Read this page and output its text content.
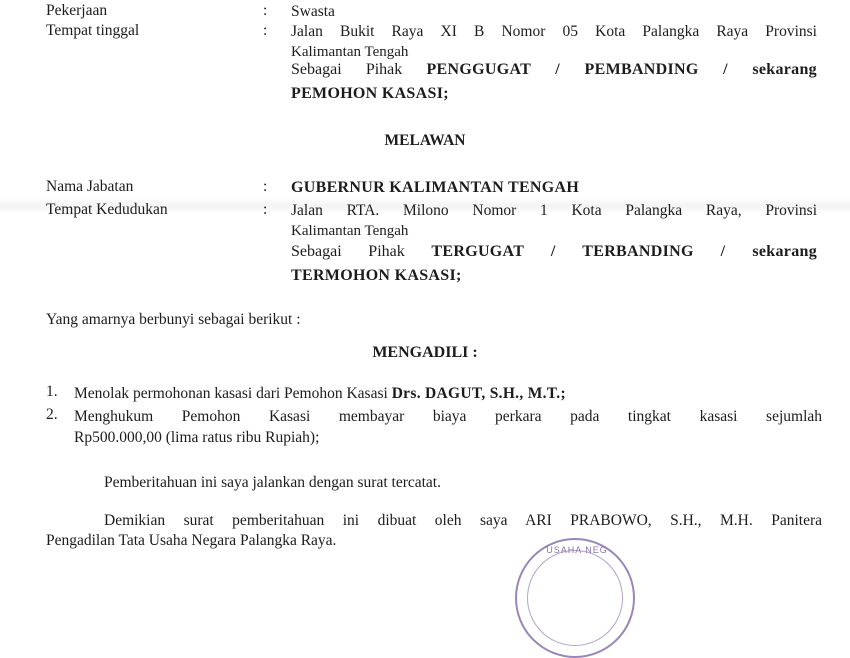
Pekerjaan	: Swasta
Tempat tinggal	: Jalan Bukit Raya XI B Nomor 05 Kota Palangka Raya Provinsi
Kalimantan Tengah
Sebagai Pihak PENGGUGAT / PEMBANDING / sekarang
PEMOHON KASASI;
MELAWAN
Nama Jabatan	: GUBERNUR KALIMANTAN TENGAH
Tempat Kedudukan	: Jalan RTA. Milono Nomor 1 Kota Palangka Raya, Provinsi
Kalimantan Tengah
Sebagai Pihak TERGUGAT / TERBANDING / sekarang
TERMOHON KASASI;
Yang amarnya berbunyi sebagai berikut :
MENGADILI :
1. Menolak permohonan kasasi dari Pemohon Kasasi Drs. DAGUT, S.H., M.T.;
2. Menghukum Pemohon Kasasi membayar biaya perkara pada tingkat kasasi sejumlah
Rp500.000,00 (lima ratus ribu Rupiah);
Pemberitahuan ini saya jalankan dengan surat tercatat.
Demikian surat pemberitahuan ini dibuat oleh saya ARI PRABOWO, S.H., M.H. Panitera
Pengadilan Tata Usaha Negara Palangka Raya.
USAHA NEG
